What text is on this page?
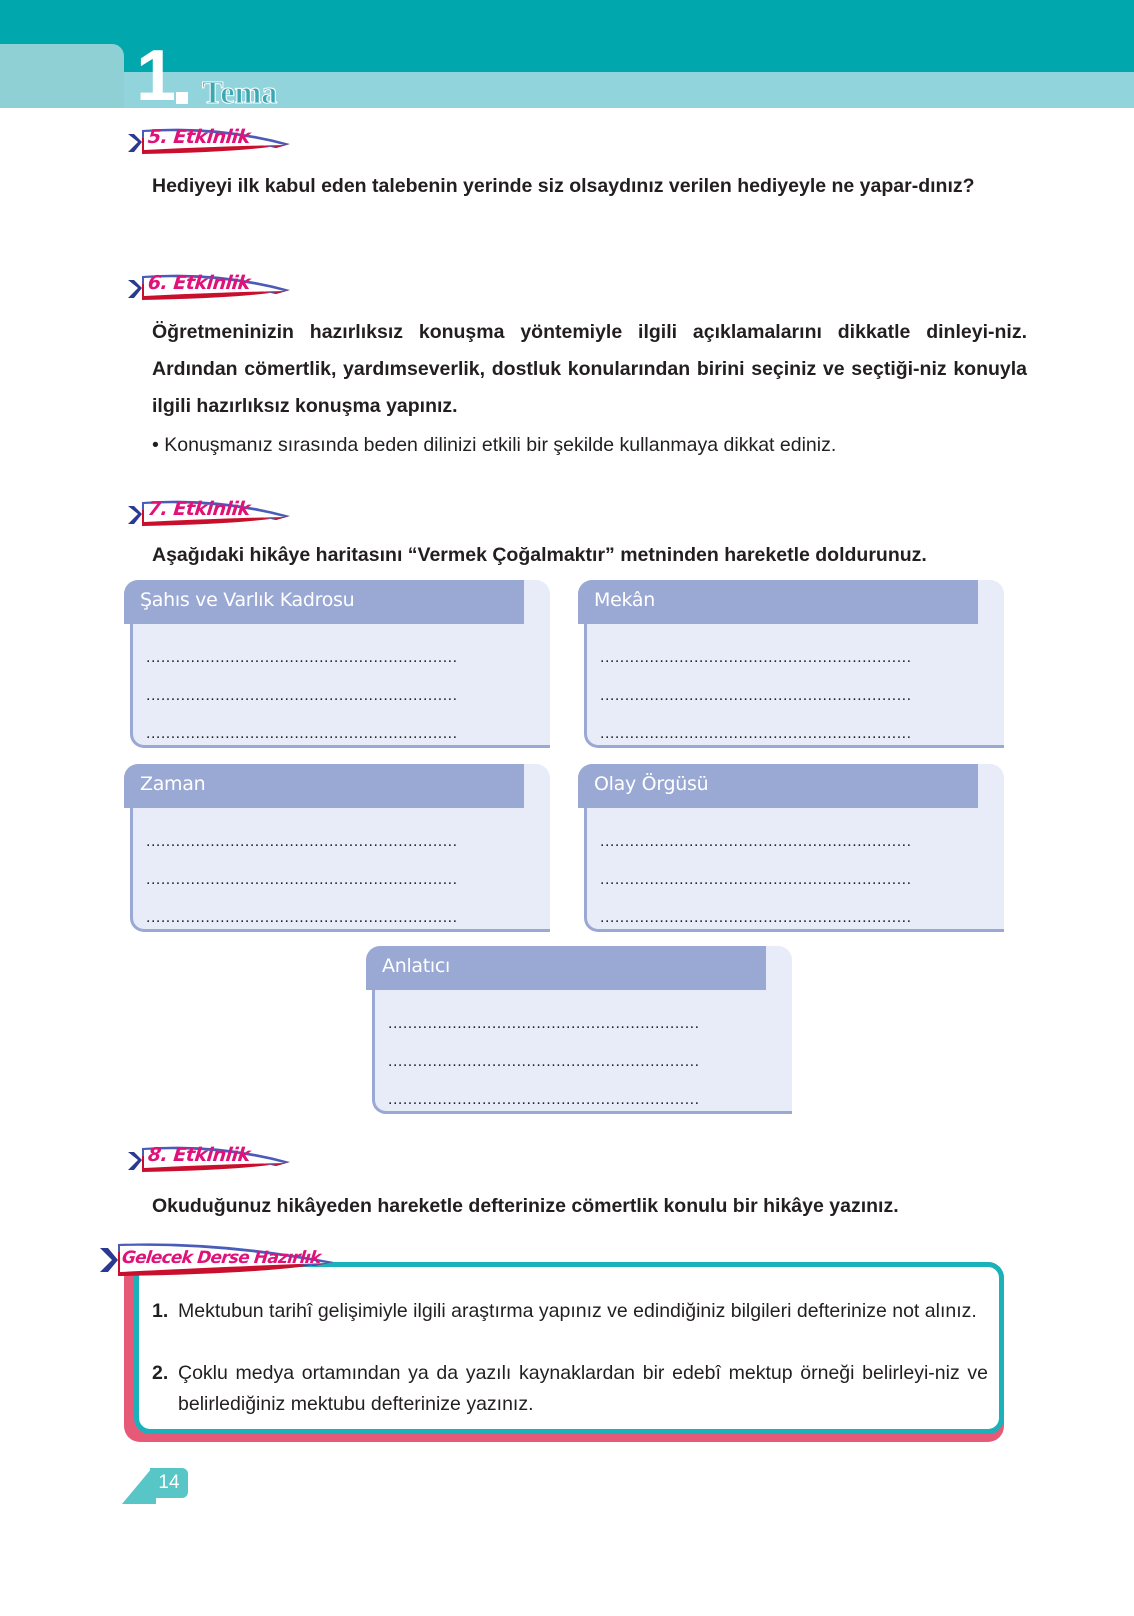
1 Tema
5. Etkinlik
Hediyeyi ilk kabul eden talebenin yerinde siz olsaydınız verilen hediyeyle ne yapar-dınız?
6. Etkinlik
Öğretmeninizin hazırlıksız konuşma yöntemiyle ilgili açıklamalarını dikkatle dinleyi-niz. Ardından cömertlik, yardımseverlik, dostluk konularından birini seçiniz ve seçtiği-niz konuyla ilgili hazırlıksız konuşma yapınız.
• Konuşmanız sırasında beden dilinizi etkili bir şekilde kullanmaya dikkat ediniz.
7. Etkinlik
Aşağıdaki hikâye haritasını “Vermek Çoğalmaktır” metninden hareketle doldurunuz.
Şahıs ve Varlık Kadrosu
...............................................................
...............................................................
...............................................................
Mekân
...............................................................
...............................................................
...............................................................
Zaman
...............................................................
...............................................................
...............................................................
Olay Örgüsü
...............................................................
...............................................................
...............................................................
Anlatıcı
...............................................................
...............................................................
...............................................................
8. Etkinlik
Okuduğunuz hikâyeden hareketle defterinize cömertlik konulu bir hikâye yazınız.
Gelecek Derse Hazırlık
1. Mektubun tarihî gelişimiyle ilgili araştırma yapınız ve edindiğiniz bilgileri defterinize not alınız.
2. Çoklu medya ortamından ya da yazılı kaynaklardan bir edebî mektup örneği belirleyi-niz ve belirlediğiniz mektubu defterinize yazınız.
14
